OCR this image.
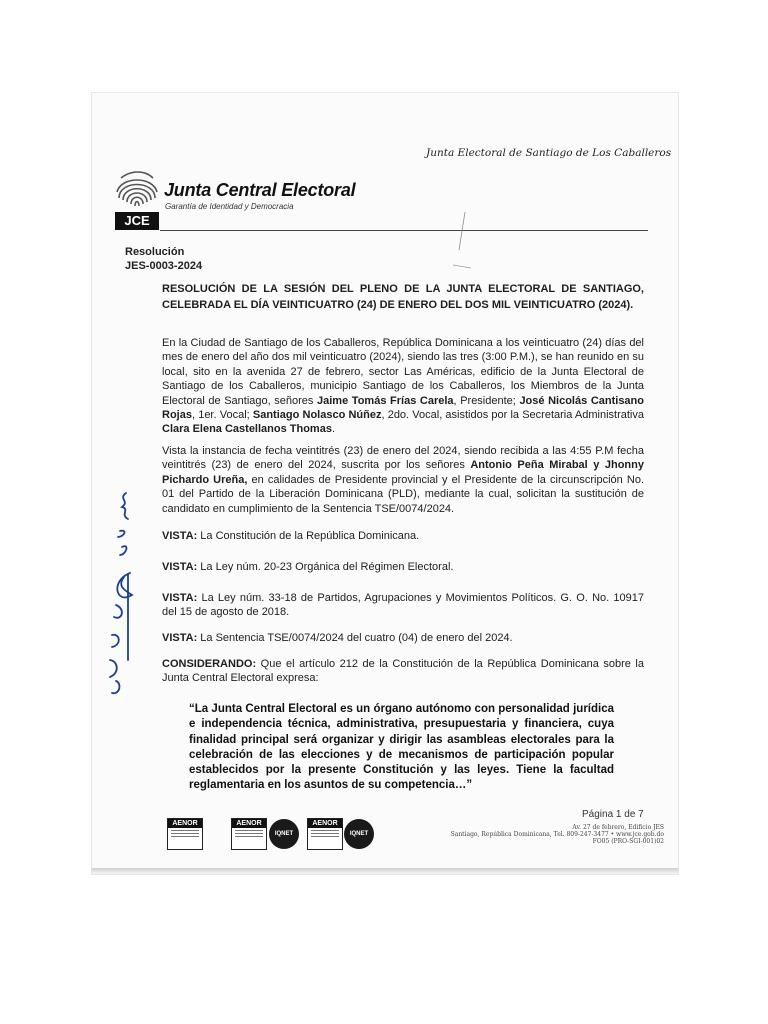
Junta Electoral de Santiago de Los Caballeros
JCE
Junta Central Electoral
Garantía de Identidad y Democracia
Resolución
JES-0003-2024
RESOLUCIÓN DE LA SESIÓN DEL PLENO DE LA JUNTA ELECTORAL DE SANTIAGO, CELEBRADA EL DÍA VEINTICUATRO (24) DE ENERO DEL DOS MIL VEINTICUATRO (2024).
En la Ciudad de Santiago de los Caballeros, República Dominicana a los veinticuatro (24) días del mes de enero del año dos mil veinticuatro (2024), siendo las tres (3:00 P.M.), se han reunido en su local, sito en la avenida 27 de febrero, sector Las Américas, edificio de la Junta Electoral de Santiago de los Caballeros, municipio Santiago de los Caballeros, los Miembros de la Junta Electoral de Santiago, señores Jaime Tomás Frías Carela, Presidente; José Nicolás Cantisano Rojas, 1er. Vocal; Santiago Nolasco Núñez, 2do. Vocal, asistidos por la Secretaria Administrativa Clara Elena Castellanos Thomas.
Vista la instancia de fecha veintitrés (23) de enero del 2024, siendo recibida a las 4:55 P.M fecha veintitrés (23) de enero del 2024, suscrita por los señores Antonio Peña Mirabal y Jhonny Pichardo Ureña, en calidades de Presidente provincial y el Presidente de la circunscripción No. 01 del Partido de la Liberación Dominicana (PLD), mediante la cual, solicitan la sustitución de candidato en cumplimiento de la Sentencia TSE/0074/2024.
VISTA: La Constitución de la República Dominicana.
VISTA: La Ley núm. 20-23 Orgánica del Régimen Electoral.
VISTA: La Ley núm. 33-18 de Partidos, Agrupaciones y Movimientos Políticos. G. O. No. 10917 del 15 de agosto de 2018.
VISTA: La Sentencia TSE/0074/2024 del cuatro (04) de enero del 2024.
CONSIDERANDO: Que el artículo 212 de la Constitución de la República Dominicana sobre la Junta Central Electoral expresa:
“La Junta Central Electoral es un órgano autónomo con personalidad jurídica e independencia técnica, administrativa, presupuestaria y financiera, cuya finalidad principal será organizar y dirigir las asambleas electorales para la celebración de las elecciones y de mecanismos de participación popular establecidos por la presente Constitución y las leyes. Tiene la facultad reglamentaria en los asuntos de su competencia…”
AENOR	AENOR
IQNET
AENOR
IQNET
Página 1 de 7
Av. 27 de febrero, Edificio JES
Santiago, República Dominicana, Tel. 809-247-3477 • www.jce.gob.do
FO05 (PRO-SGI-001)02
